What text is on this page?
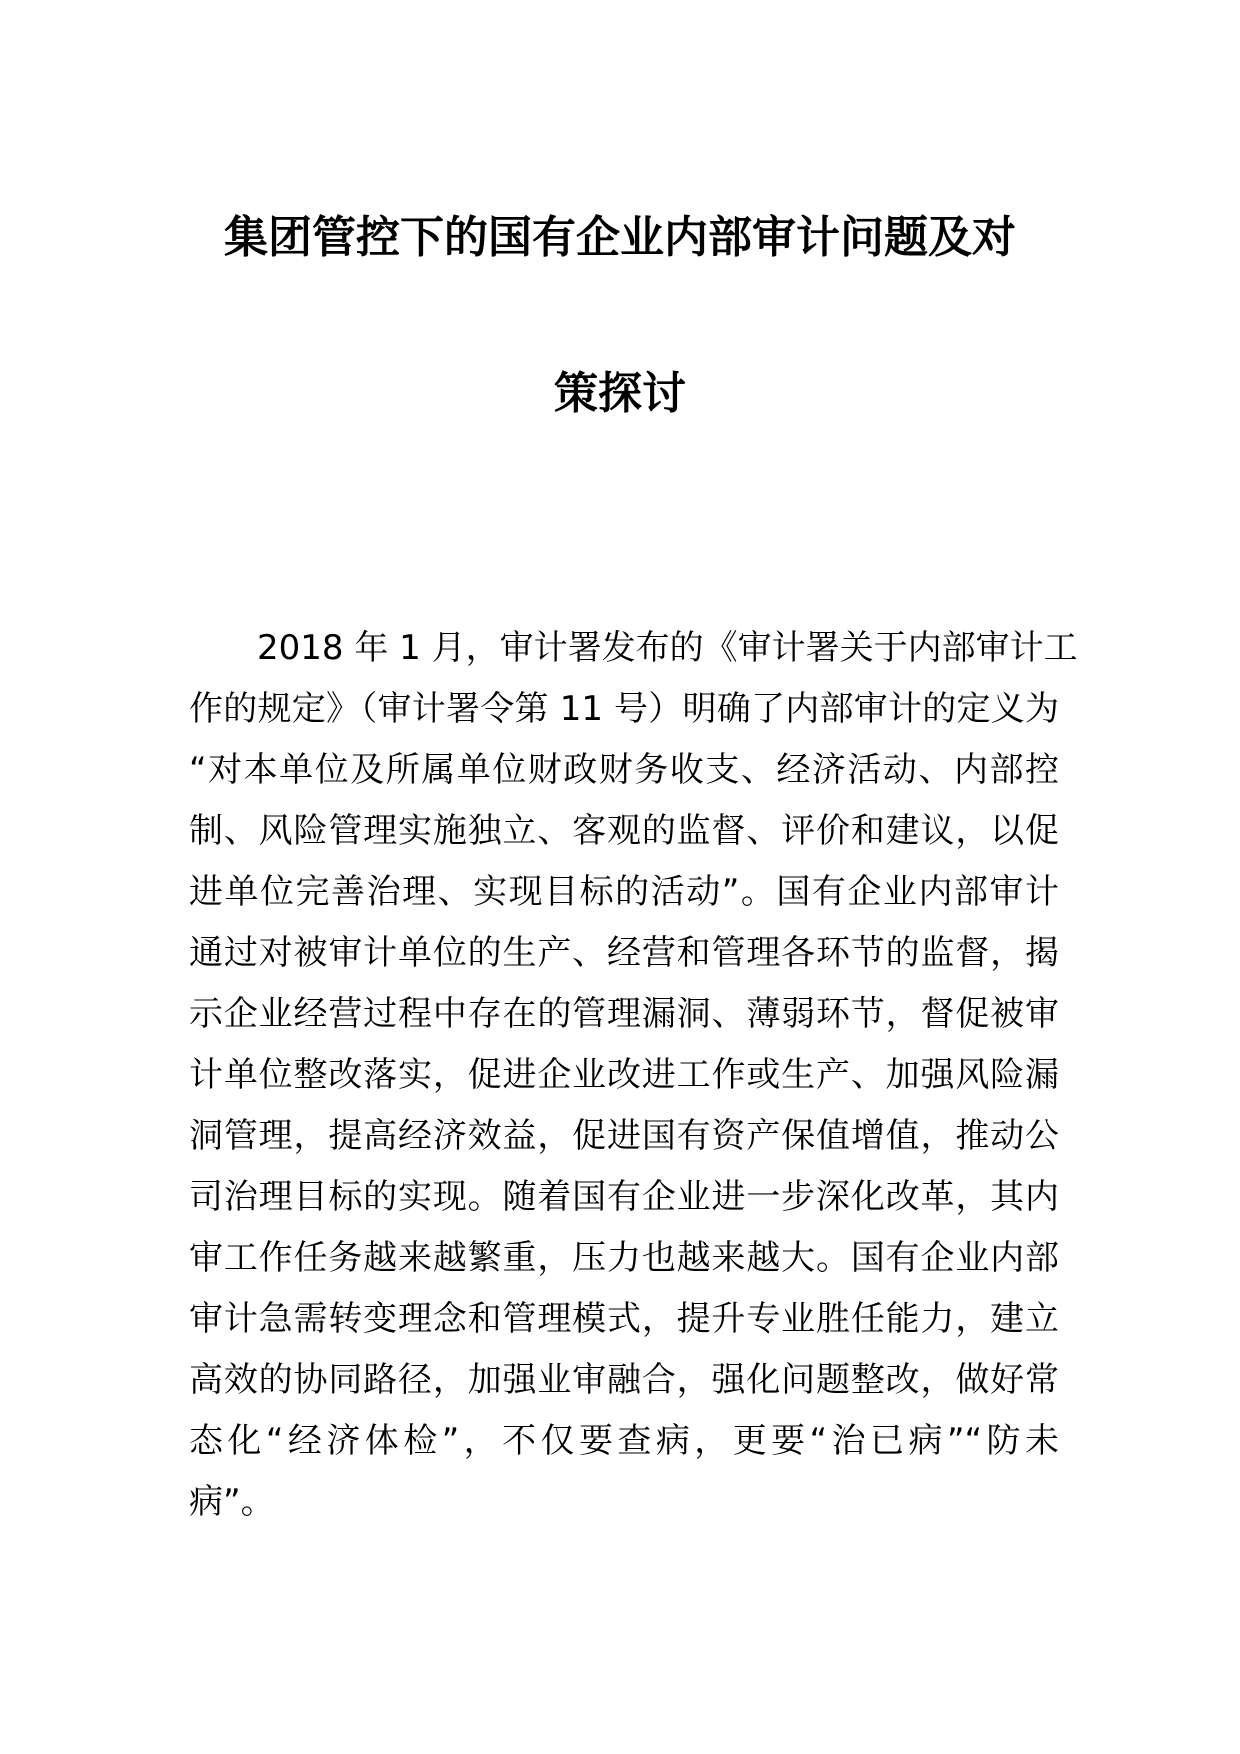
集团管控下的国有企业内部审计问题及对
策探讨
2018 年 1 月，审计署发布的《审计署关于内部审计工
作的规定》（审计署令第 11 号）明确了内部审计的定义为
“对本单位及所属单位财政财务收支、经济活动、内部控
制、风险管理实施独立、客观的监督、评价和建议，以促
进单位完善治理、实现目标的活动”。国有企业内部审计
通过对被审计单位的生产、经营和管理各环节的监督，揭
示企业经营过程中存在的管理漏洞、薄弱环节，督促被审
计单位整改落实，促进企业改进工作或生产、加强风险漏
洞管理，提高经济效益，促进国有资产保值增值，推动公
司治理目标的实现。随着国有企业进一步深化改革，其内
审工作任务越来越繁重，压力也越来越大。国有企业内部
审计急需转变理念和管理模式，提升专业胜任能力，建立
高效的协同路径，加强业审融合，强化问题整改，做好常
态化“经济体检”，不仅要查病，更要“治已病”“防未
病”。
